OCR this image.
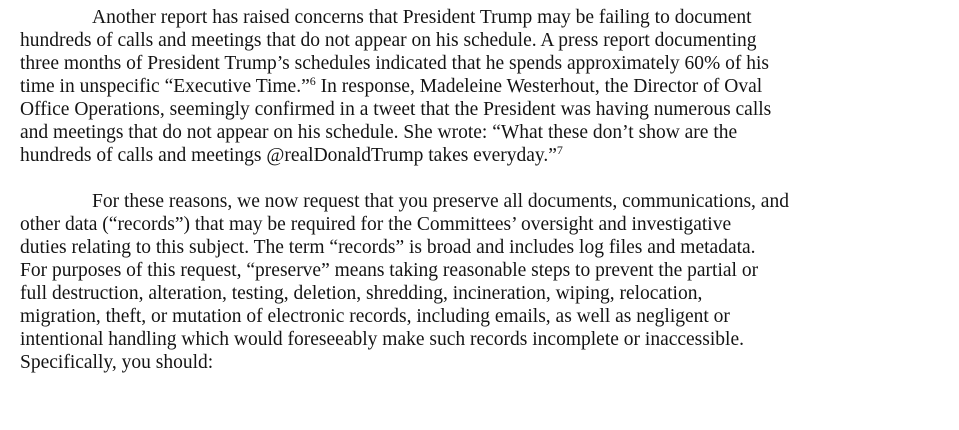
Another report has raised concerns that President Trump may be failing to document
hundreds of calls and meetings that do not appear on his schedule. A press report documenting
three months of President Trump’s schedules indicated that he spends approximately 60% of his
time in unspecific “Executive Time.”$^6$ In response, Madeleine Westerhout, the Director of Oval
Office Operations, seemingly confirmed in a tweet that the President was having numerous calls
and meetings that do not appear on his schedule. She wrote: “What these don’t show are the
hundreds of calls and meetings @realDonaldTrump takes everyday.”$^7$
For these reasons, we now request that you preserve all documents, communications, and
other data (“records”) that may be required for the Committees’ oversight and investigative
duties relating to this subject. The term “records” is broad and includes log files and metadata.
For purposes of this request, “preserve” means taking reasonable steps to prevent the partial or
full destruction, alteration, testing, deletion, shredding, incineration, wiping, relocation,
migration, theft, or mutation of electronic records, including emails, as well as negligent or
intentional handling which would foreseeably make such records incomplete or inaccessible.
Specifically, you should:
